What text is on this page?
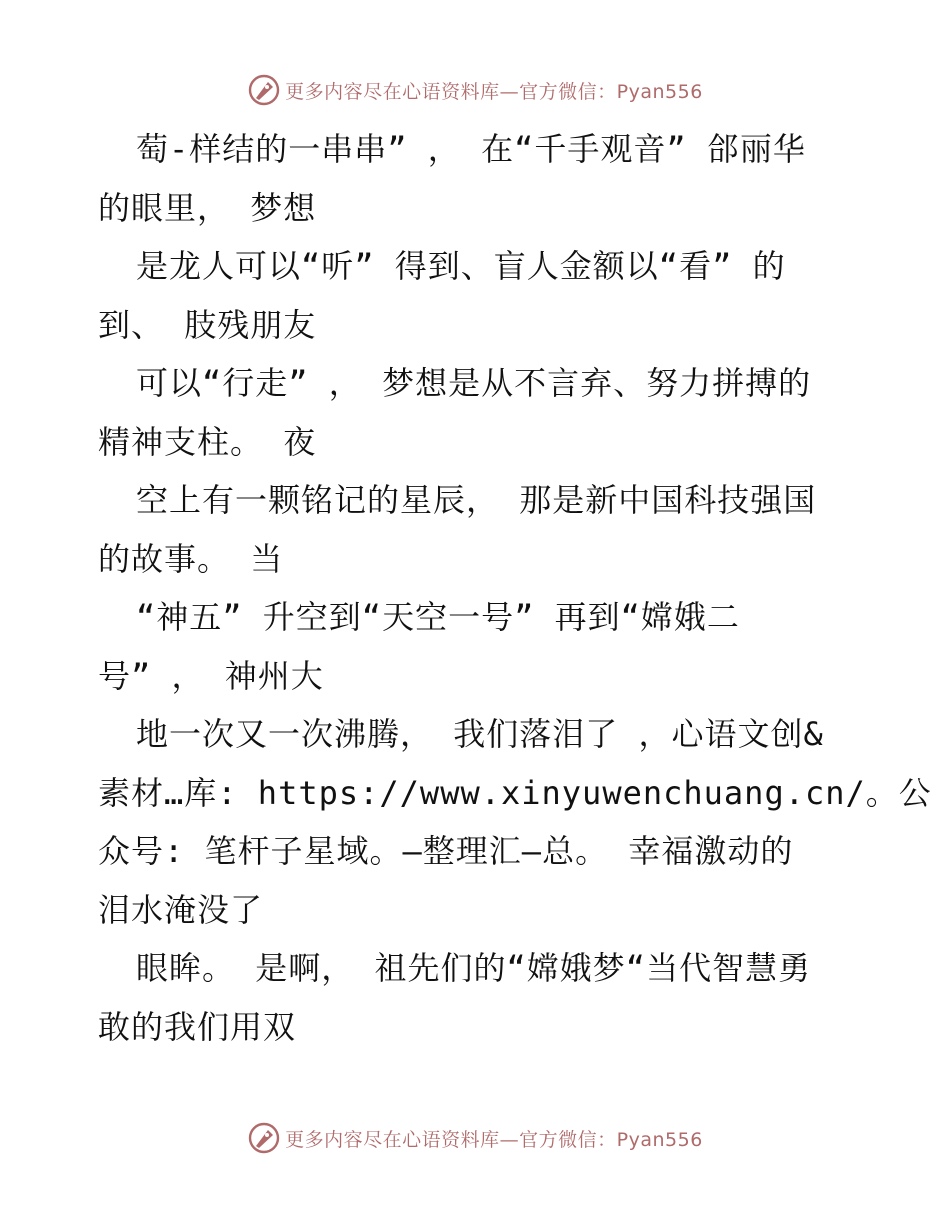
更多内容尽在心语资料库—官方微信：Pyan556
萄-样结的一串串” ， 在“千手观音” 郃丽华
的眼里， 梦想
是龙人可以“听” 得到、盲人金额以“看” 的
到、 肢残朋友
可以“行走” ， 梦想是从不言弃、努力拼搏的
精神支柱。 夜
空上有一颗铭记的星辰， 那是新中国科技强国
的故事。 当
“神五” 升空到“天空一号” 再到“嫦娥二
号” ， 神州大
地一次又一次沸腾， 我们落泪了 ，心语文创&
素材…库: https://www.xinyuwenchuang.cn/。公
众号: 笔杆子星域。—整理汇—总。 幸福激动的
泪水淹没了
眼眸。 是啊， 祖先们的“嫦娥梦“当代智慧勇
敢的我们用双
更多内容尽在心语资料库—官方微信：Pyan556
